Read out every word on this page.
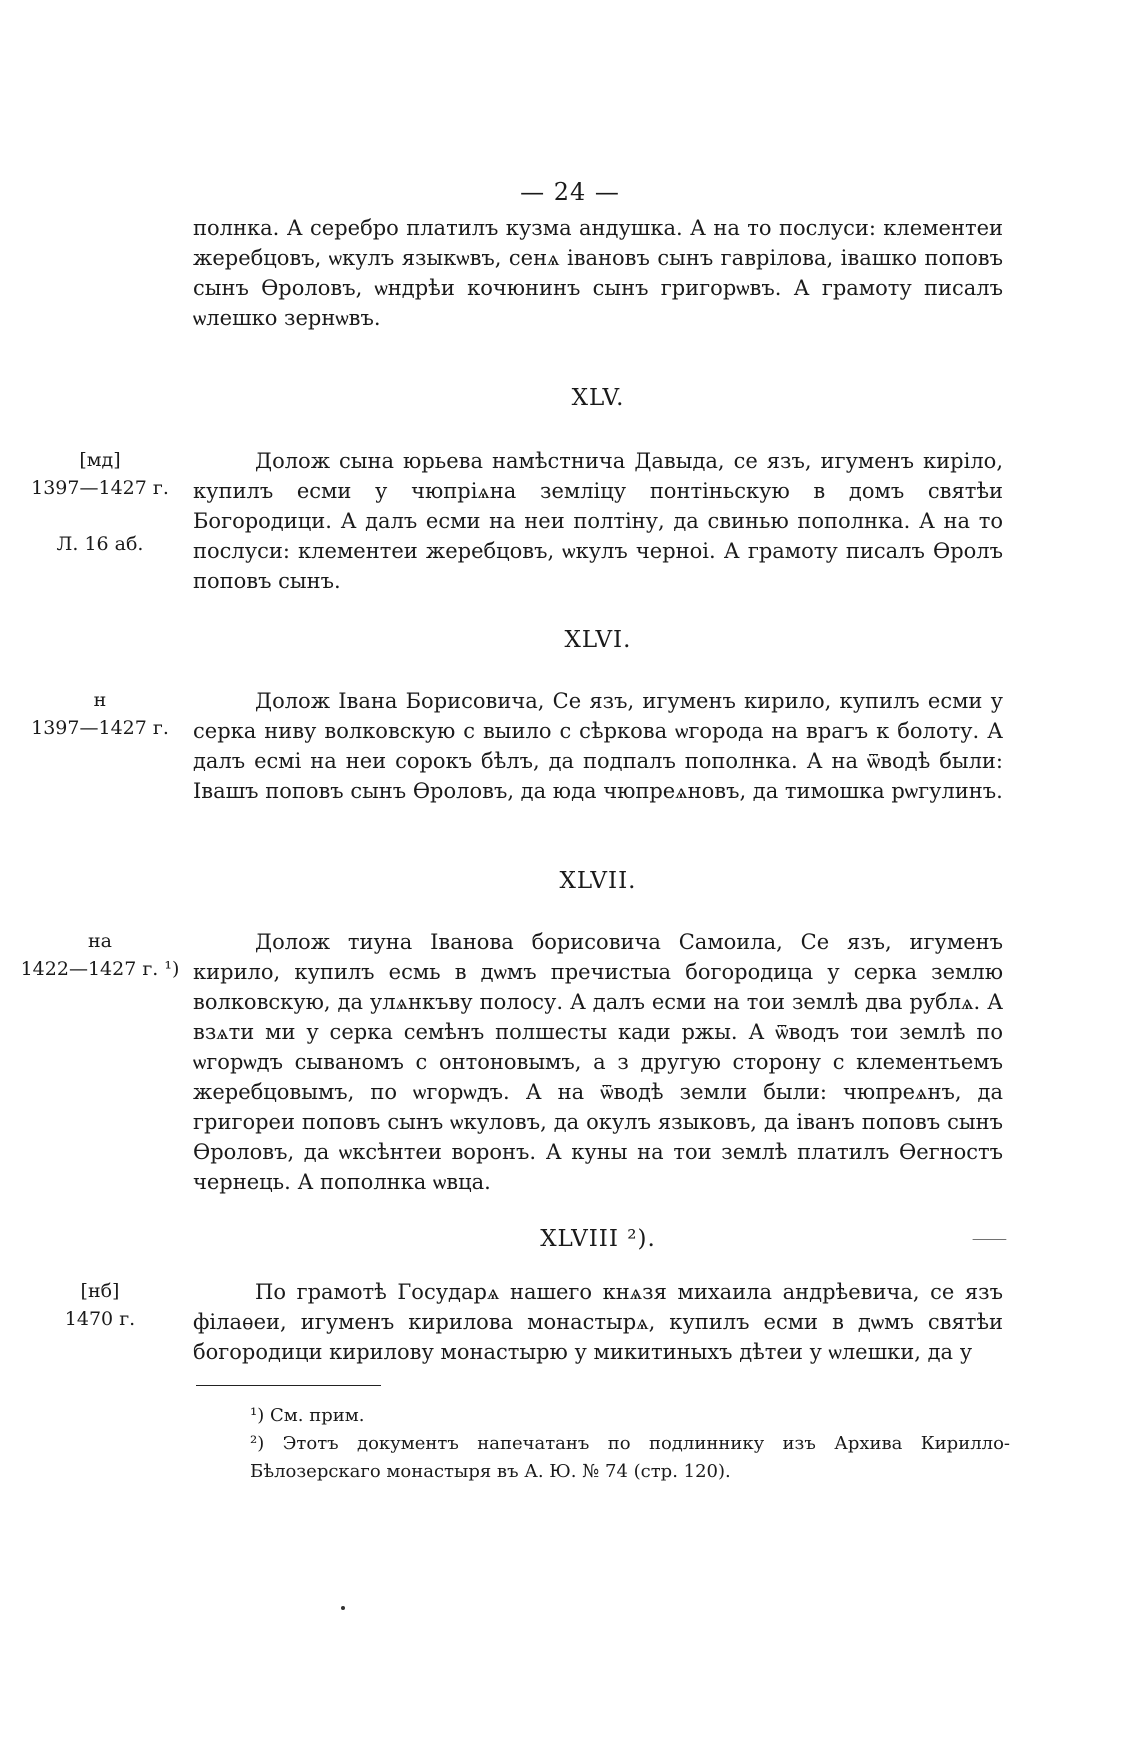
— 24 —

полнка. А серебро платилъ кузма андушка. А на то послуси: клементеи жеребцовъ, ѡкулъ языкѡвъ, сенѧ івановъ сынъ гаврілова, івашко поповъ сынъ Ѳроловъ, ѡндрѣи кочюнинъ сынъ григорѡвъ. А грамоту писалъ ѡлешко зернѡвъ.

XLV.
[мд]
1397—1427 г.
Л. 16 аб.

Долож сына юрьева намѣстнича Давыда, се язъ, игуменъ киріло, купилъ есми у чюпріѧна земліцу понтіньскую в домъ святѣи Богородици. А далъ есми на неи полтіну, да свинью пополнка. А на то послуси: клементеи жеребцовъ, ѡкулъ черноі. А грамоту писалъ Ѳролъ поповъ сынъ.

XLVI.
н
1397—1427 г.

Долож Івана Борисовича, Се язъ, игуменъ кирило, купилъ есми у серка ниву волковскую с выило с сѣркова ѡгорода на врагъ к болоту. А далъ есмі на неи сорокъ бѣлъ, да подпалъ пополнка. А на ѿводѣ были: Івашъ поповъ сынъ Ѳроловъ, да юда чюпреѧновъ, да тимошка рѡгулинъ.

XLVII.
на
1422—1427 г. ¹)

Долож тиуна Іванова борисовича Самоила, Се язъ, игуменъ кирило, купилъ есмь в дѡмъ пречистыа богородица у серка землю волковскую, да улѧнкъву полосу. А далъ есми на тои землѣ два рублѧ. А взѧти ми у серка семѣнъ полшесты кади ржы. А ѿводъ тои землѣ по ѡгорѡдъ сываномъ с онтоновымъ, а з другую сторону с клементьемъ жеребцовымъ, по ѡгорѡдъ. А на ѿводѣ земли были: чюпреѧнъ, да григореи поповъ сынъ ѡкуловъ, да окулъ языковъ, да іванъ поповъ сынъ Ѳроловъ, да ѡксѣнтеи воронъ. А куны на тои землѣ платилъ Ѳегностъ чернець. А пополнка ѡвца.

XLVIII ²).	⸻
[нб]
1470 г.

По грамотѣ Государѧ нашего кнѧзя михаила андрѣевича, се язъ філаѳеи, игуменъ кирилова монастырѧ, купилъ есми в дѡмъ святѣи богородици кирилову монастырю у микитиныхъ дѣтеи у ѡлешки, да у

¹) См. прим.
²) Этотъ документъ напечатанъ по подлиннику изъ Архива Кирилло-Бѣлозерскаго монастыря въ А. Ю. № 74 (стр. 120).
